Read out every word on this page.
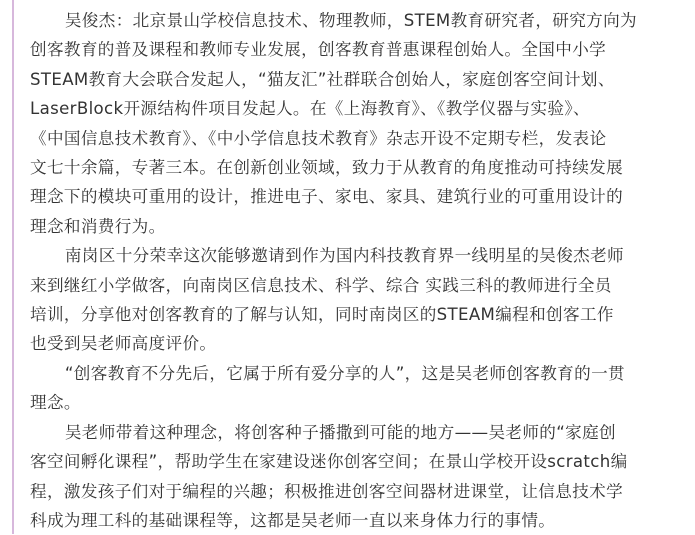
吴俊杰：北京景山学校信息技术、物理教师，STEM教育研究者，研究方向为
创客教育的普及课程和教师专业发展，创客教育普惠课程创始人。全国中小学
STEAM教育大会联合发起人，“猫友汇”社群联合创始人，家庭创客空间计划、
LaserBlock开源结构件项目发起人。在《上海教育》、《教学仪器与实验》、
《中国信息技术教育》、《中小学信息技术教育》杂志开设不定期专栏，发表论
文七十余篇，专著三本。在创新创业领域，致力于从教育的角度推动可持续发展
理念下的模块可重用的设计，推进电子、家电、家具、建筑行业的可重用设计的
理念和消费行为。

南岗区十分荣幸这次能够邀请到作为国内科技教育界一线明星的吴俊杰老师
来到继红小学做客，向南岗区信息技术、科学、综合 实践三科的教师进行全员
培训，分享他对创客教育的了解与认知，同时南岗区的STEAM编程和创客工作
也受到吴老师高度评价。

“创客教育不分先后，它属于所有爱分享的人”，这是吴老师创客教育的一贯
理念。

吴老师带着这种理念，将创客种子播撒到可能的地方——吴老师的“家庭创
客空间孵化课程”，帮助学生在家建设迷你创客空间；在景山学校开设scratch编
程，激发孩子们对于编程的兴趣；积极推进创客空间器材进课堂，让信息技术学
科成为理工科的基础课程等，这都是吴老师一直以来身体力行的事情。
